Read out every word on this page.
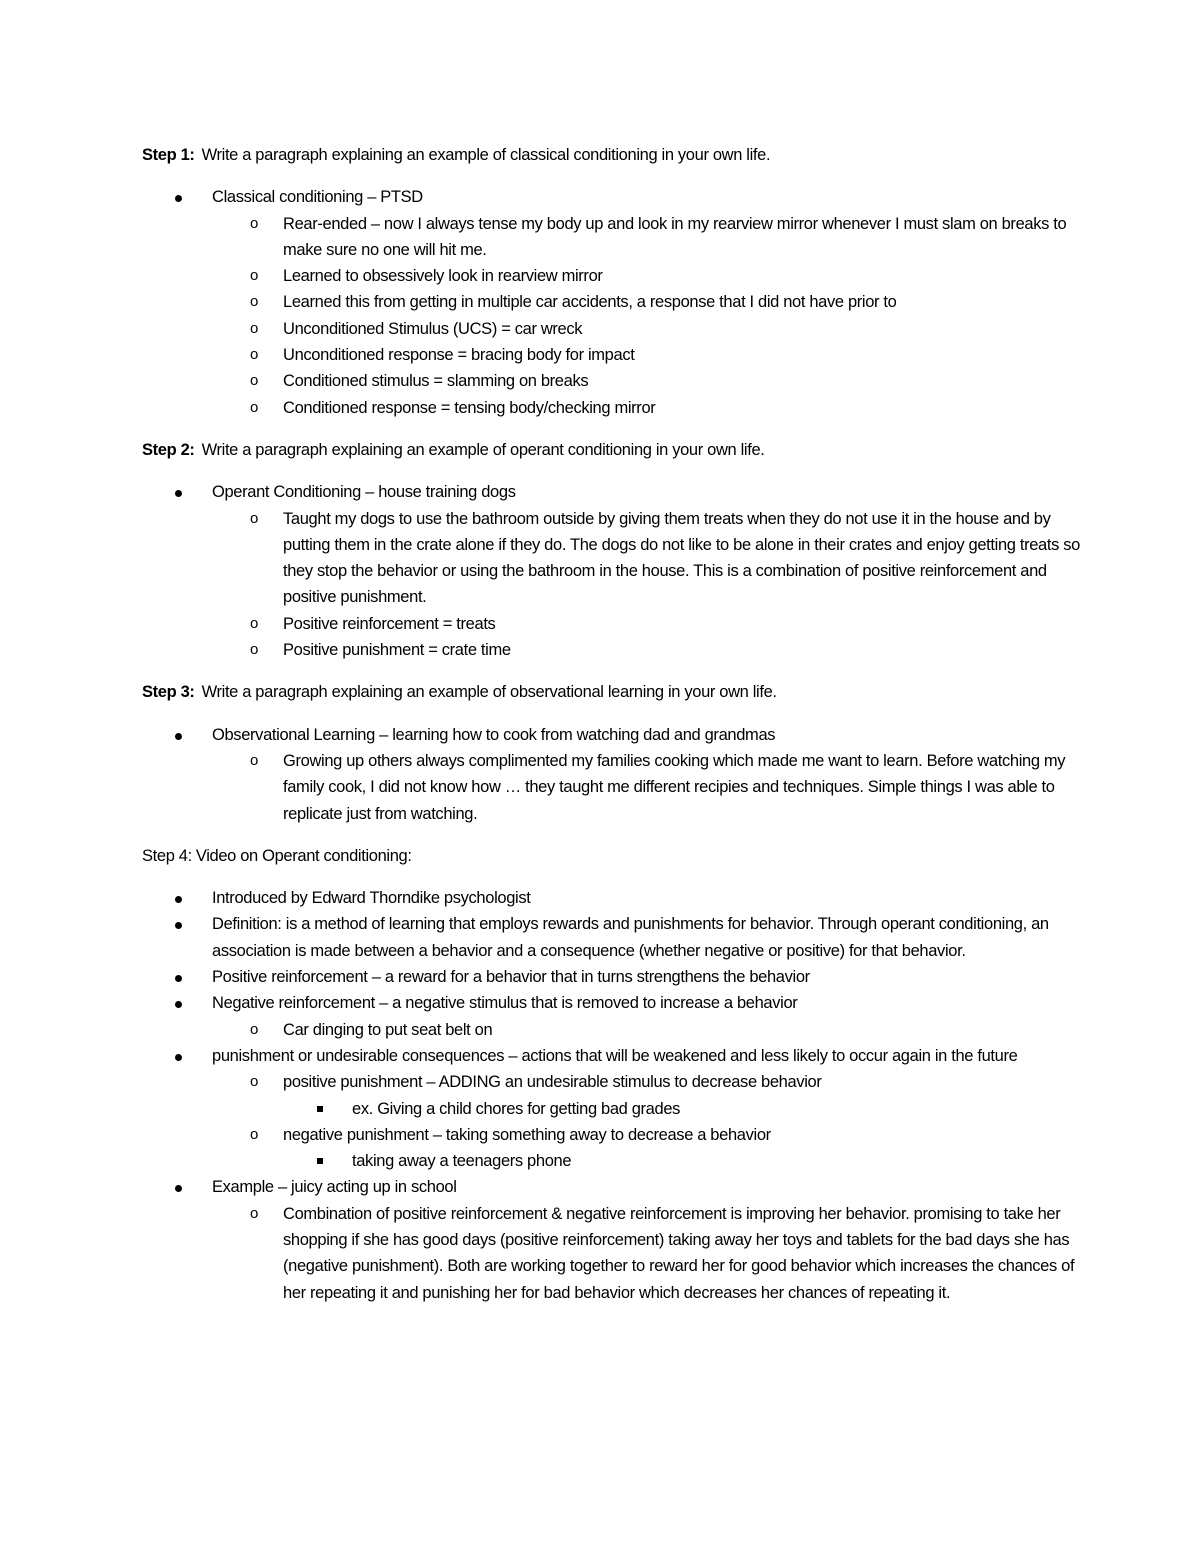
Step 1: Write a paragraph explaining an example of classical conditioning in your own life.
Classical conditioning – PTSD
o Rear-ended – now I always tense my body up and look in my rearview mirror whenever I must slam on breaks to make sure no one will hit me.
o Learned to obsessively look in rearview mirror
o Learned this from getting in multiple car accidents, a response that I did not have prior to
o Unconditioned Stimulus (UCS) = car wreck
o Unconditioned response = bracing body for impact
o Conditioned stimulus = slamming on breaks
o Conditioned response = tensing body/checking mirror
Step 2: Write a paragraph explaining an example of operant conditioning in your own life.
Operant Conditioning – house training dogs
o Taught my dogs to use the bathroom outside by giving them treats when they do not use it in the house and by putting them in the crate alone if they do. The dogs do not like to be alone in their crates and enjoy getting treats so they stop the behavior or using the bathroom in the house. This is a combination of positive reinforcement and positive punishment.
o Positive reinforcement = treats
o Positive punishment = crate time
Step 3: Write a paragraph explaining an example of observational learning in your own life.
Observational Learning – learning how to cook from watching dad and grandmas
o Growing up others always complimented my families cooking which made me want to learn. Before watching my family cook, I did not know how … they taught me different recipies and techniques. Simple things I was able to replicate just from watching.
Step 4: Video on Operant conditioning:
Introduced by Edward Thorndike psychologist
Definition: is a method of learning that employs rewards and punishments for behavior. Through operant conditioning, an association is made between a behavior and a consequence (whether negative or positive) for that behavior.
Positive reinforcement – a reward for a behavior that in turns strengthens the behavior
Negative reinforcement – a negative stimulus that is removed to increase a behavior
o Car dinging to put seat belt on
punishment or undesirable consequences – actions that will be weakened and less likely to occur again in the future
o positive punishment – ADDING an undesirable stimulus to decrease behavior
ex. Giving a child chores for getting bad grades
o negative punishment – taking something away to decrease a behavior
taking away a teenagers phone
Example – juicy acting up in school
o Combination of positive reinforcement & negative reinforcement is improving her behavior. promising to take her shopping if she has good days (positive reinforcement) taking away her toys and tablets for the bad days she has (negative punishment). Both are working together to reward her for good behavior which increases the chances of her repeating it and punishing her for bad behavior which decreases her chances of repeating it.
